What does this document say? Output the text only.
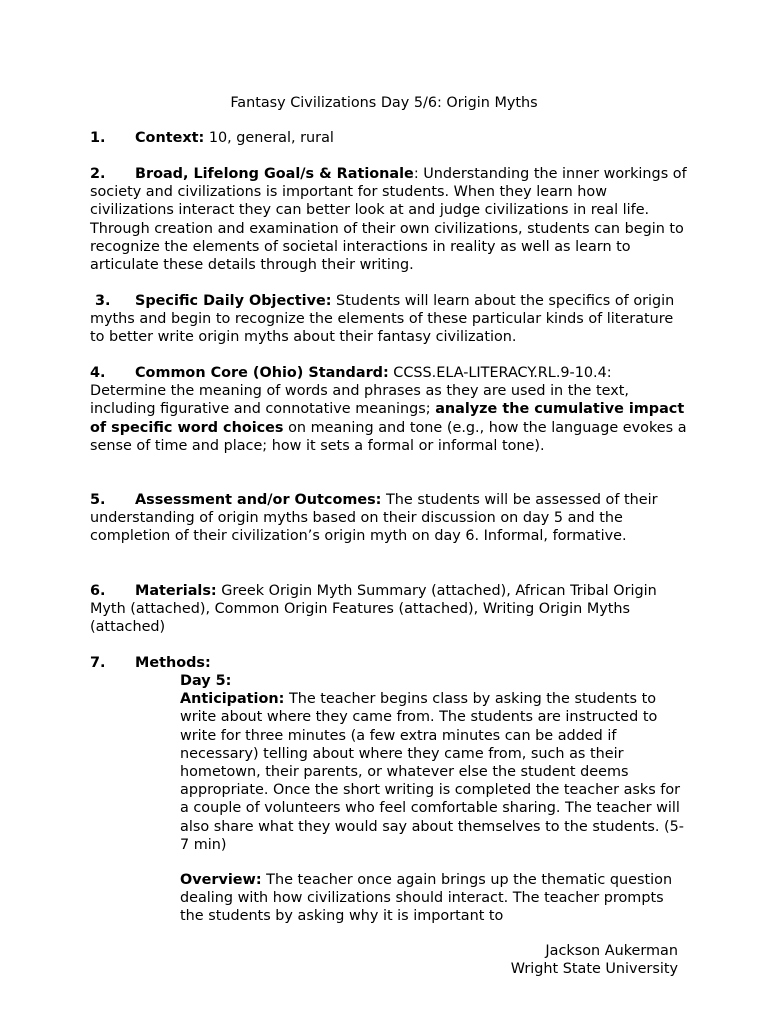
Fantasy Civilizations Day 5/6: Origin Myths
1. Context: 10, general, rural
2. Broad, Lifelong Goal/s & Rationale: Understanding the inner workings of society and civilizations is important for students. When they learn how civilizations interact they can better look at and judge civilizations in real life. Through creation and examination of their own civilizations, students can begin to recognize the elements of societal interactions in reality as well as learn to articulate these details through their writing.
3. Specific Daily Objective: Students will learn about the specifics of origin myths and begin to recognize the elements of these particular kinds of literature to better write origin myths about their fantasy civilization.
4. Common Core (Ohio) Standard: CCSS.ELA-LITERACY.RL.9-10.4: Determine the meaning of words and phrases as they are used in the text, including figurative and connotative meanings; analyze the cumulative impact of specific word choices on meaning and tone (e.g., how the language evokes a sense of time and place; how it sets a formal or informal tone).
5. Assessment and/or Outcomes: The students will be assessed of their understanding of origin myths based on their discussion on day 5 and the completion of their civilization’s origin myth on day 6. Informal, formative.
6. Materials: Greek Origin Myth Summary (attached), African Tribal Origin Myth (attached), Common Origin Features (attached), Writing Origin Myths (attached)
7. Methods:
Day 5:
Anticipation: The teacher begins class by asking the students to write about where they came from. The students are instructed to write for three minutes (a few extra minutes can be added if necessary) telling about where they came from, such as their hometown, their parents, or whatever else the student deems appropriate. Once the short writing is completed the teacher asks for a couple of volunteers who feel comfortable sharing. The teacher will also share what they would say about themselves to the students. (5-7 min)
Overview: The teacher once again brings up the thematic question dealing with how civilizations should interact. The teacher prompts the students by asking why it is important to
Jackson Aukerman
Wright State University
